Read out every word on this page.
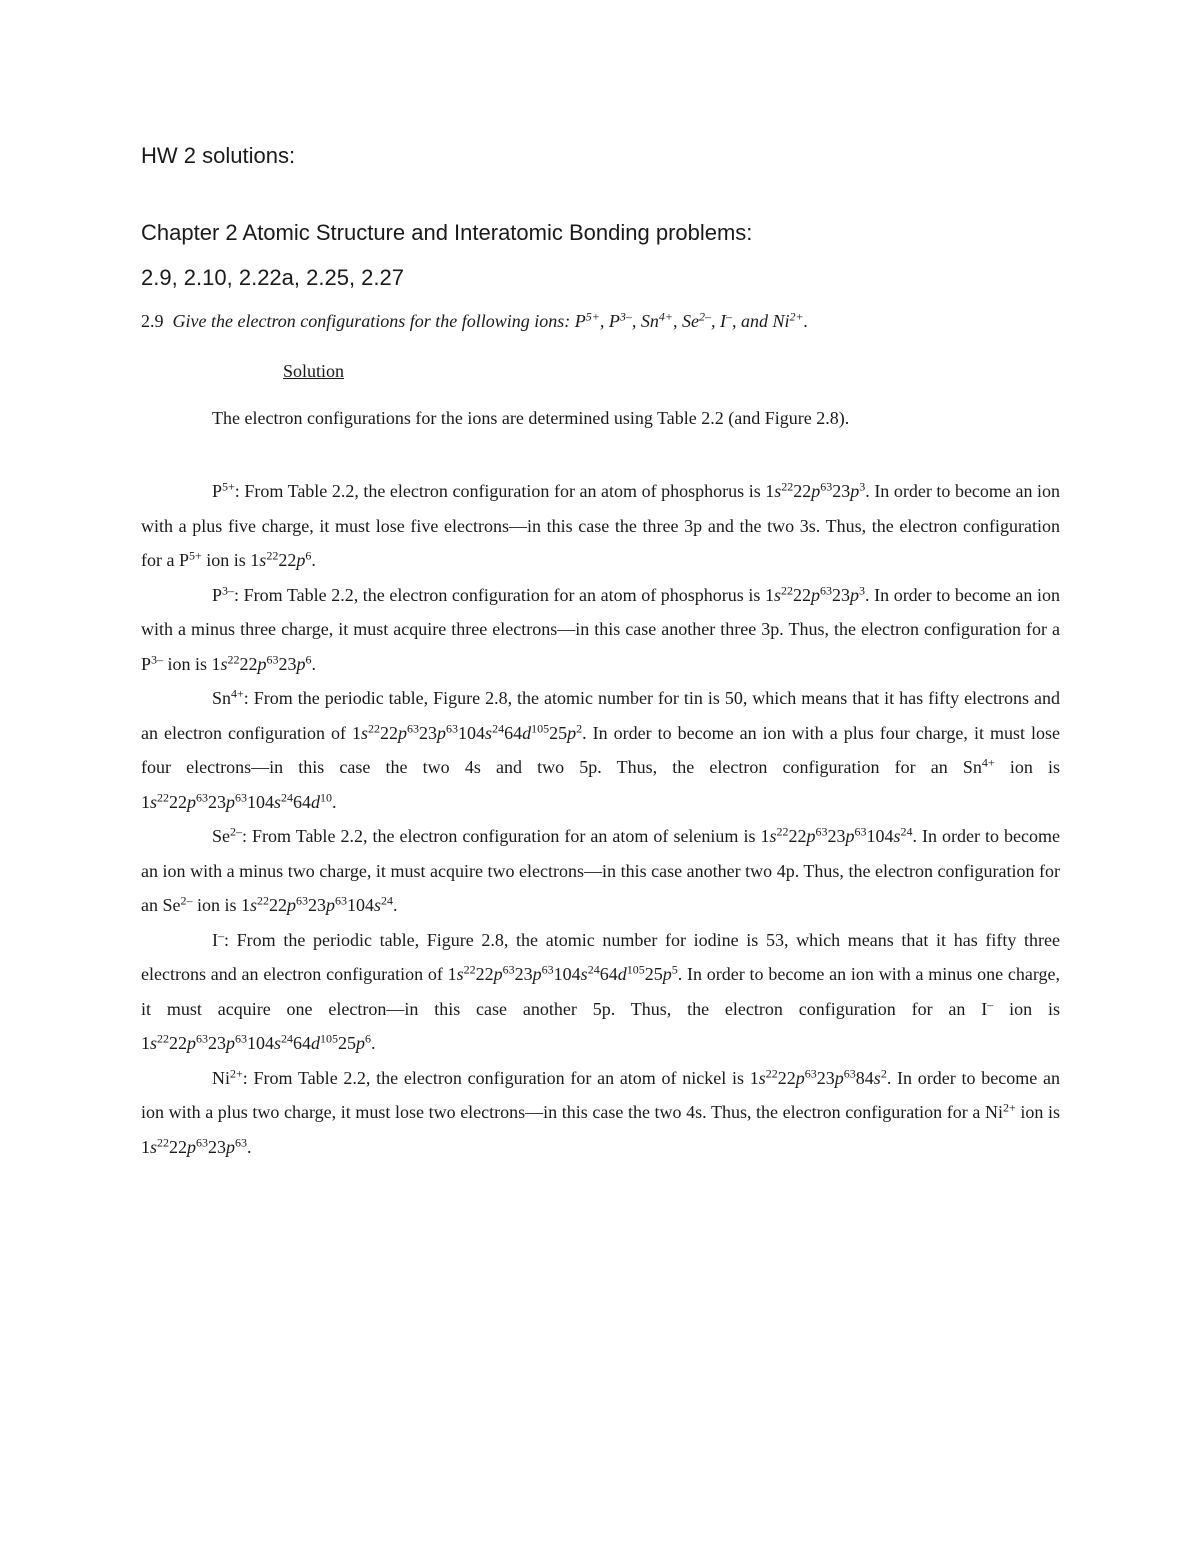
HW 2 solutions:
Chapter 2 Atomic Structure and Interatomic Bonding problems:
2.9, 2.10, 2.22a, 2.25, 2.27
2.9 Give the electron configurations for the following ions: $P^{5+}$, $P^{3-}$, $Sn^{4+}$, $Se^{2-}$, I–, and $Ni^{2+}$.
Solution
The electron configurations for the ions are determined using Table 2.2 (and Figure 2.8).

$P^{5+}$: From Table 2.2, the electron configuration for an atom of phosphorus is $1s^{22}22p^{63}23p^3$. In order to become an ion with a plus five charge, it must lose five electrons—in this case the three 3p and the two 3s. Thus, the electron configuration for a $P^{5+}$ ion is $1s^{22}22p^6$.

$P^{3-}$: From Table 2.2, the electron configuration for an atom of phosphorus is $1s^{22}22p^{63}23p^3$. In order to become an ion with a minus three charge, it must acquire three electrons—in this case another three 3p. Thus, the electron configuration for a $P^{3-}$ ion is $1s^{22}22p^{63}23p^6$.

$Sn^{4+}$: From the periodic table, Figure 2.8, the atomic number for tin is 50, which means that it has fifty electrons and an electron configuration of $1s^{22}22p^{63}23p^{63}104s^{24}64d^{105}25p^2$. In order to become an ion with a plus four charge, it must lose four electrons—in this case the two 4s and two 5p. Thus, the electron configuration for an $Sn^{4+}$ ion is $1s^{22}22p^{63}23p^{63}104s^{24}64d^{10}$.

$Se^{2-}$: From Table 2.2, the electron configuration for an atom of selenium is $1s^{22}22p^{63}23p^{63}104s^{24}$. In order to become an ion with a minus two charge, it must acquire two electrons—in this case another two 4p. Thus, the electron configuration for an $Se^{2-}$ ion is $1s^{22}22p^{63}23p^{63}104s^{24}$.

I–: From the periodic table, Figure 2.8, the atomic number for iodine is 53, which means that it has fifty three electrons and an electron configuration of $1s^{22}22p^{63}23p^{63}104s^{24}64d^{105}25p^5$. In order to become an ion with a minus one charge, it must acquire one electron—in this case another 5p. Thus, the electron configuration for an I– ion is $1s^{22}22p^{63}23p^{63}104s^{24}64d^{105}25p^6$.

$Ni^{2+}$: From Table 2.2, the electron configuration for an atom of nickel is $1s^{22}22p^{63}23p^{63}84s^2$. In order to become an ion with a plus two charge, it must lose two electrons—in this case the two 4s. Thus, the electron configuration for a $Ni^{2+}$ ion is $1s^{22}22p^{63}23p^{63}$.
